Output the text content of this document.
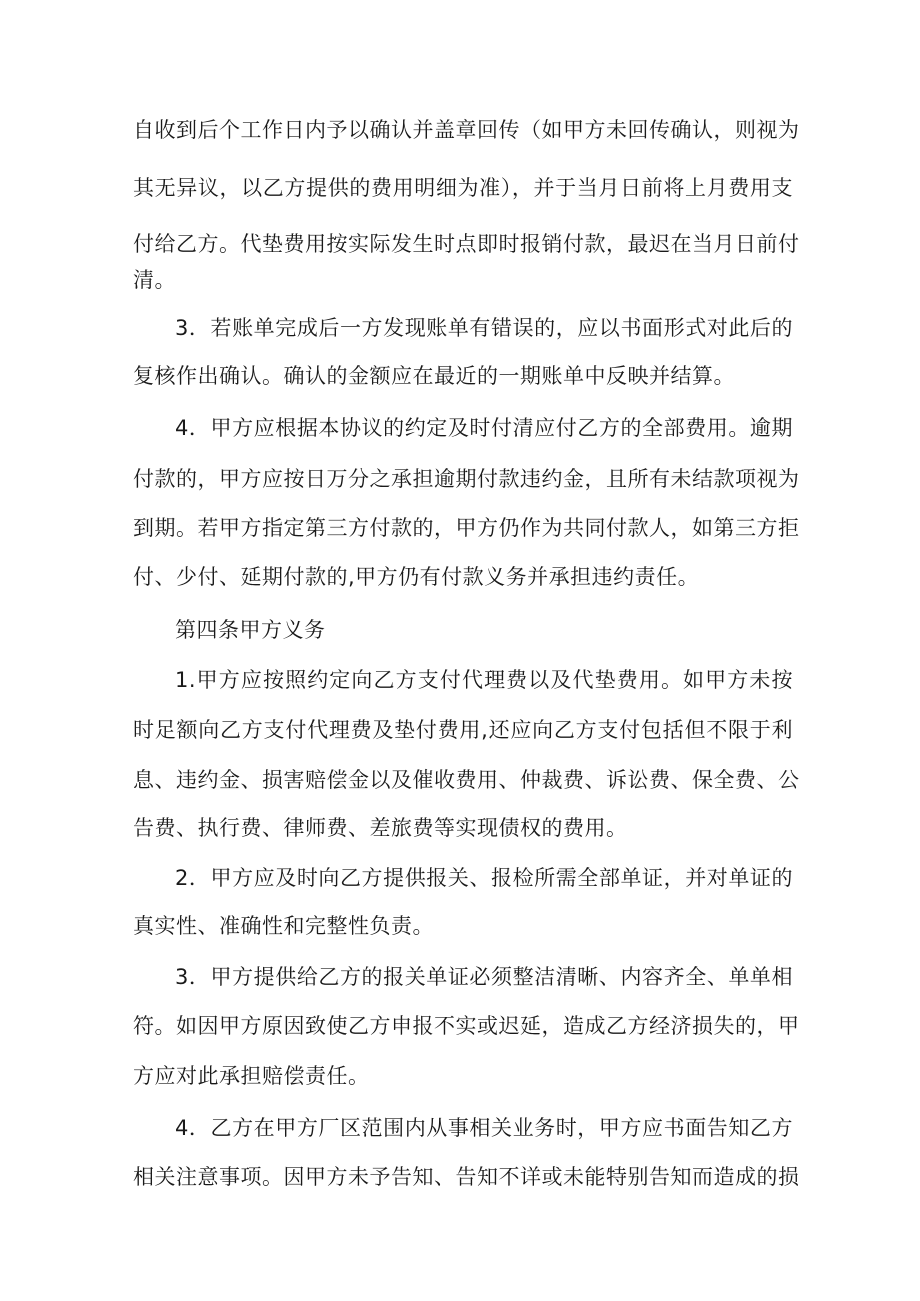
自收到后个工作日内予以确认并盖章回传（如甲方未回传确认，则视为
其无异议，以乙方提供的费用明细为准），并于当月日前将上月费用支
付给乙方。代垫费用按实际发生时点即时报销付款，最迟在当月日前付
清。
3．若账单完成后一方发现账单有错误的，应以书面形式对此后的
复核作出确认。确认的金额应在最近的一期账单中反映并结算。
4．甲方应根据本协议的约定及时付清应付乙方的全部费用。逾期
付款的，甲方应按日万分之承担逾期付款违约金，且所有未结款项视为
到期。若甲方指定第三方付款的，甲方仍作为共同付款人，如第三方拒
付、少付、延期付款的,甲方仍有付款义务并承担违约责任。
第四条甲方义务
1.甲方应按照约定向乙方支付代理费以及代垫费用。如甲方未按
时足额向乙方支付代理费及垫付费用,还应向乙方支付包括但不限于利
息、违约金、损害赔偿金以及催收费用、仲裁费、诉讼费、保全费、公
告费、执行费、律师费、差旅费等实现债权的费用。
2．甲方应及时向乙方提供报关、报检所需全部单证，并对单证的
真实性、准确性和完整性负责。
3．甲方提供给乙方的报关单证必须整洁清晰、内容齐全、单单相
符。如因甲方原因致使乙方申报不实或迟延，造成乙方经济损失的，甲
方应对此承担赔偿责任。
4．乙方在甲方厂区范围内从事相关业务时，甲方应书面告知乙方
相关注意事项。因甲方未予告知、告知不详或未能特别告知而造成的损
